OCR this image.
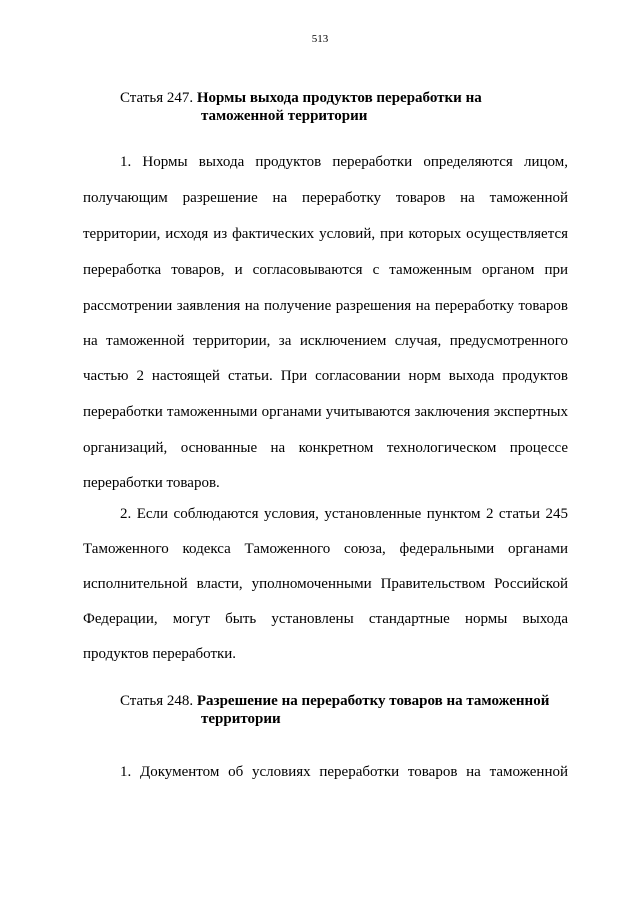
513
Статья 247. Нормы выхода продуктов переработки на
таможенной территории
1. Нормы выхода продуктов переработки определяются лицом,
получающим разрешение на переработку товаров на таможенной
территории, исходя из фактических условий, при которых осуществляется
переработка товаров, и согласовываются с таможенным органом при
рассмотрении заявления на получение разрешения на переработку товаров
на таможенной территории, за исключением случая, предусмотренного
частью 2 настоящей статьи. При согласовании норм выхода продуктов
переработки таможенными органами учитываются заключения экспертных
организаций, основанные на конкретном технологическом процессе
переработки товаров.
2. Если соблюдаются условия, установленные пунктом 2 статьи 245
Таможенного кодекса Таможенного союза, федеральными органами
исполнительной власти, уполномоченными Правительством Российской
Федерации, могут быть установлены стандартные нормы выхода
продуктов переработки.
Статья 248. Разрешение на переработку товаров на таможенной
территории
1. Документом об условиях переработки товаров на таможенной
